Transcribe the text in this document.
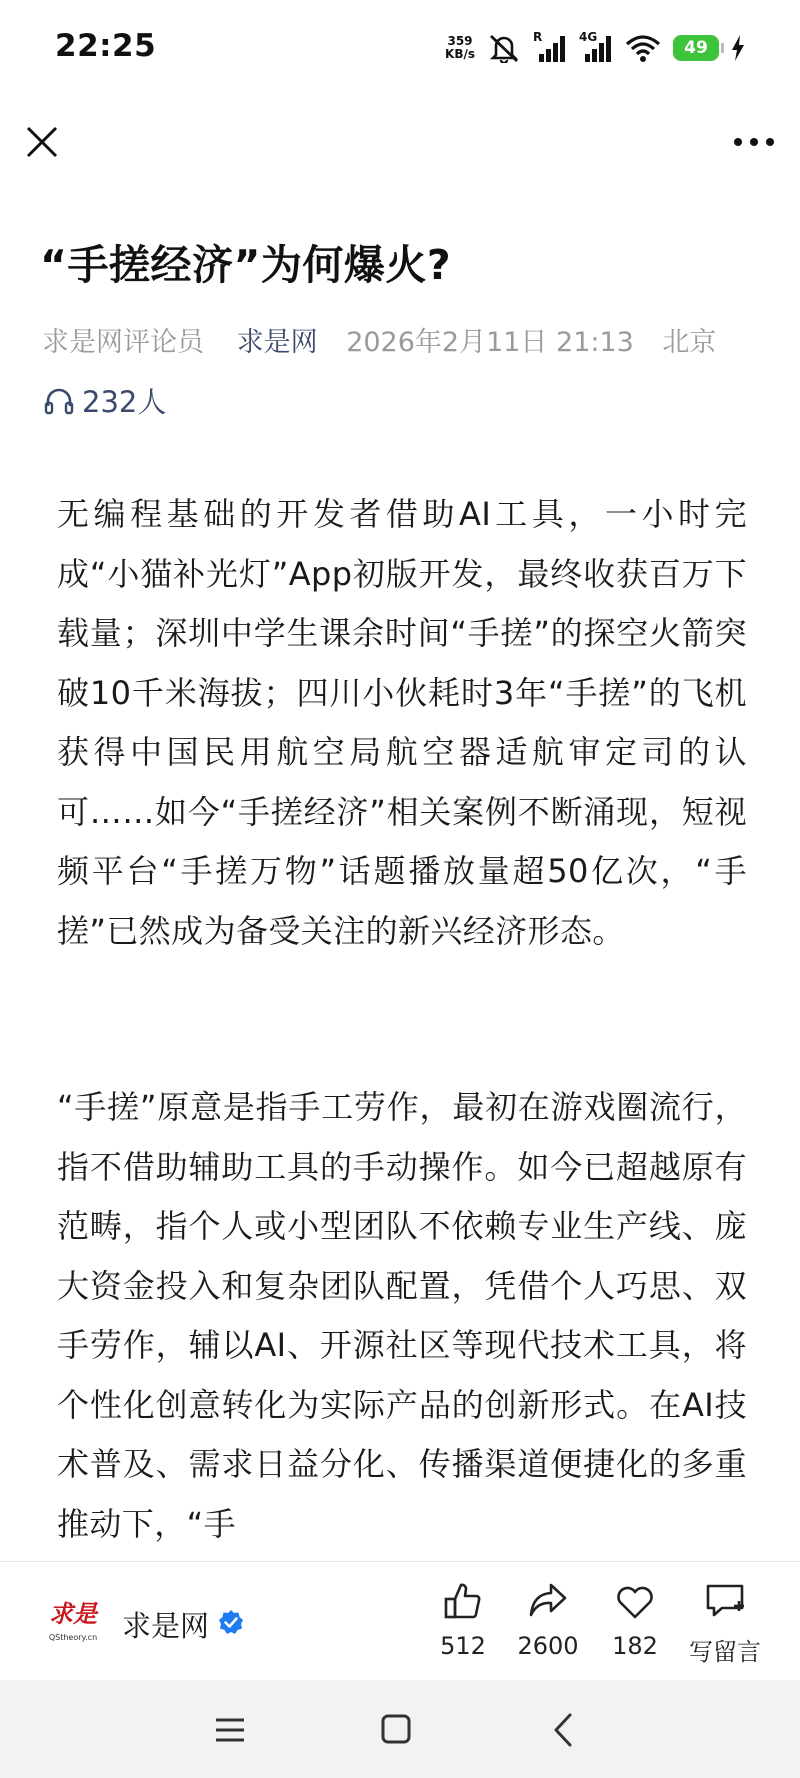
22:25	359
KB/s
R	4G
49
“手搓经济”为何爆火?
求是网评论员 求是网 2026年2月11日 21:13 北京
232人

无编程基础的开发者借助AI工具，一小时完成“小猫补光灯”App初版开发，最终收获百万下载量；深圳中学生课余时间“手搓”的探空火箭突破10千米海拔；四川小伙耗时3年“手搓”的飞机获得中国民用航空局航空器适航审定司的认可……如今“手搓经济”相关案例不断涌现，短视频平台“手搓万物”话题播放量超50亿次，“手搓”已然成为备受关注的新兴经济形态。

“手搓”原意是指手工劳作，最初在游戏圈流行，指不借助辅助工具的手动操作。如今已超越原有范畴，指个人或小型团队不依赖专业生产线、庞大资金投入和复杂团队配置，凭借个人巧思、双手劳作，辅以AI、开源社区等现代技术工具，将个性化创意转化为实际产品的创新形式。在AI技术普及、需求日益分化、传播渠道便捷化的多重推动下，“手

求是
QStheory.cn 求是网
512 2600 182 写留言
